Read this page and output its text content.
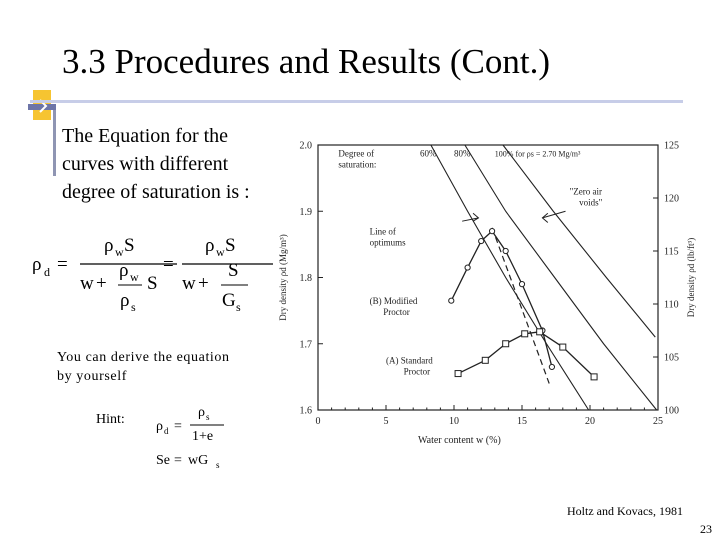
3.3 Procedures and Results (Cont.)
The Equation for the
curves with different
degree of saturation is :
ρ d =
ρ w S
w +
ρ w
ρ s
S
=
ρ w S
w +
S
G s
You can derive the equation
by yourself
Hint: ρ d =
ρ s
1+e
Se = wG s
0	5	10	15	20	25
1.6
1.7
1.8
1.9
2.0
100
105
110
115
120
125
Water content w (%)
Dry density ρd (Mg/m³)	Dry density ρd (lb/ft³)
Degree of
saturation:
60% 80%	100% for ρs = 2.70 Mg/m³
Line of
optimums
"Zero air
voids"
(B) Modified
Proctor
(A) Standard
Proctor
Holtz and Kovacs, 1981
23
